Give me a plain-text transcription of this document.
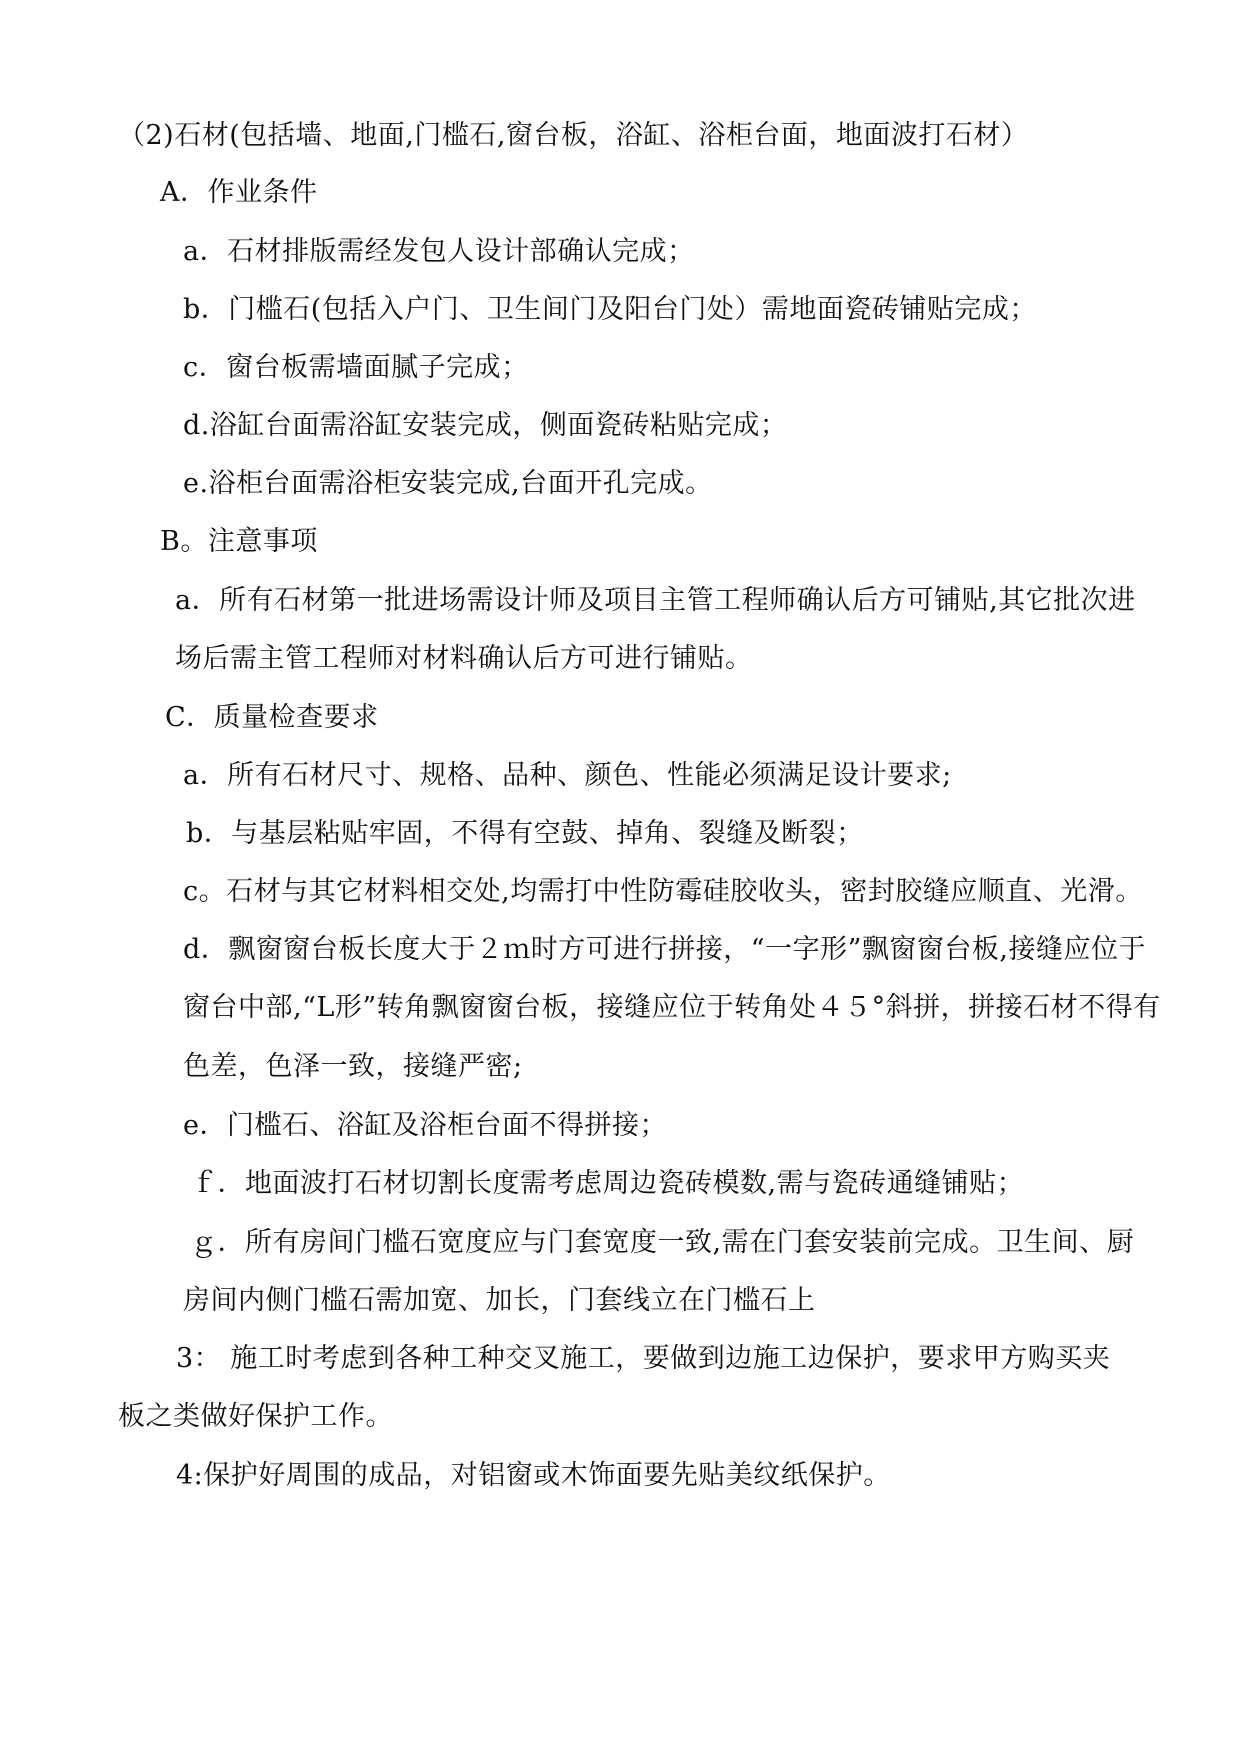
（2)石材(包括墙、地面,门槛石,窗台板，浴缸、浴柜台面，地面波打石材）
A．作业条件
a．石材排版需经发包人设计部确认完成；
b．门槛石(包括入户门、卫生间门及阳台门处）需地面瓷砖铺贴完成；
c．窗台板需墙面腻子完成；
d.浴缸台面需浴缸安装完成，侧面瓷砖粘贴完成；
e.浴柜台面需浴柜安装完成,台面开孔完成。
B。注意事项
a．所有石材第一批进场需设计师及项目主管工程师确认后方可铺贴,其它批次进
场后需主管工程师对材料确认后方可进行铺贴。
C．质量检查要求
a．所有石材尺寸、规格、品种、颜色、性能必须满足设计要求;
b．与基层粘贴牢固，不得有空鼓、掉角、裂缝及断裂；
c。石材与其它材料相交处,均需打中性防霉硅胶收头，密封胶缝应顺直、光滑。
d．飘窗窗台板长度大于２ｍ时方可进行拼接，“一字形”飘窗窗台板,接缝应位于
窗台中部,“L形”转角飘窗窗台板，接缝应位于转角处４５°斜拼，拼接石材不得有
色差，色泽一致，接缝严密;
e．门槛石、浴缸及浴柜台面不得拼接；
ｆ．地面波打石材切割长度需考虑周边瓷砖模数,需与瓷砖通缝铺贴；
ｇ．所有房间门槛石宽度应与门套宽度一致,需在门套安装前完成。卫生间、厨
房间内侧门槛石需加宽、加长，门套线立在门槛石上
3： 施工时考虑到各种工种交叉施工，要做到边施工边保护，要求甲方购买夹
板之类做好保护工作。
4:保护好周围的成品，对铝窗或木饰面要先贴美纹纸保护。
